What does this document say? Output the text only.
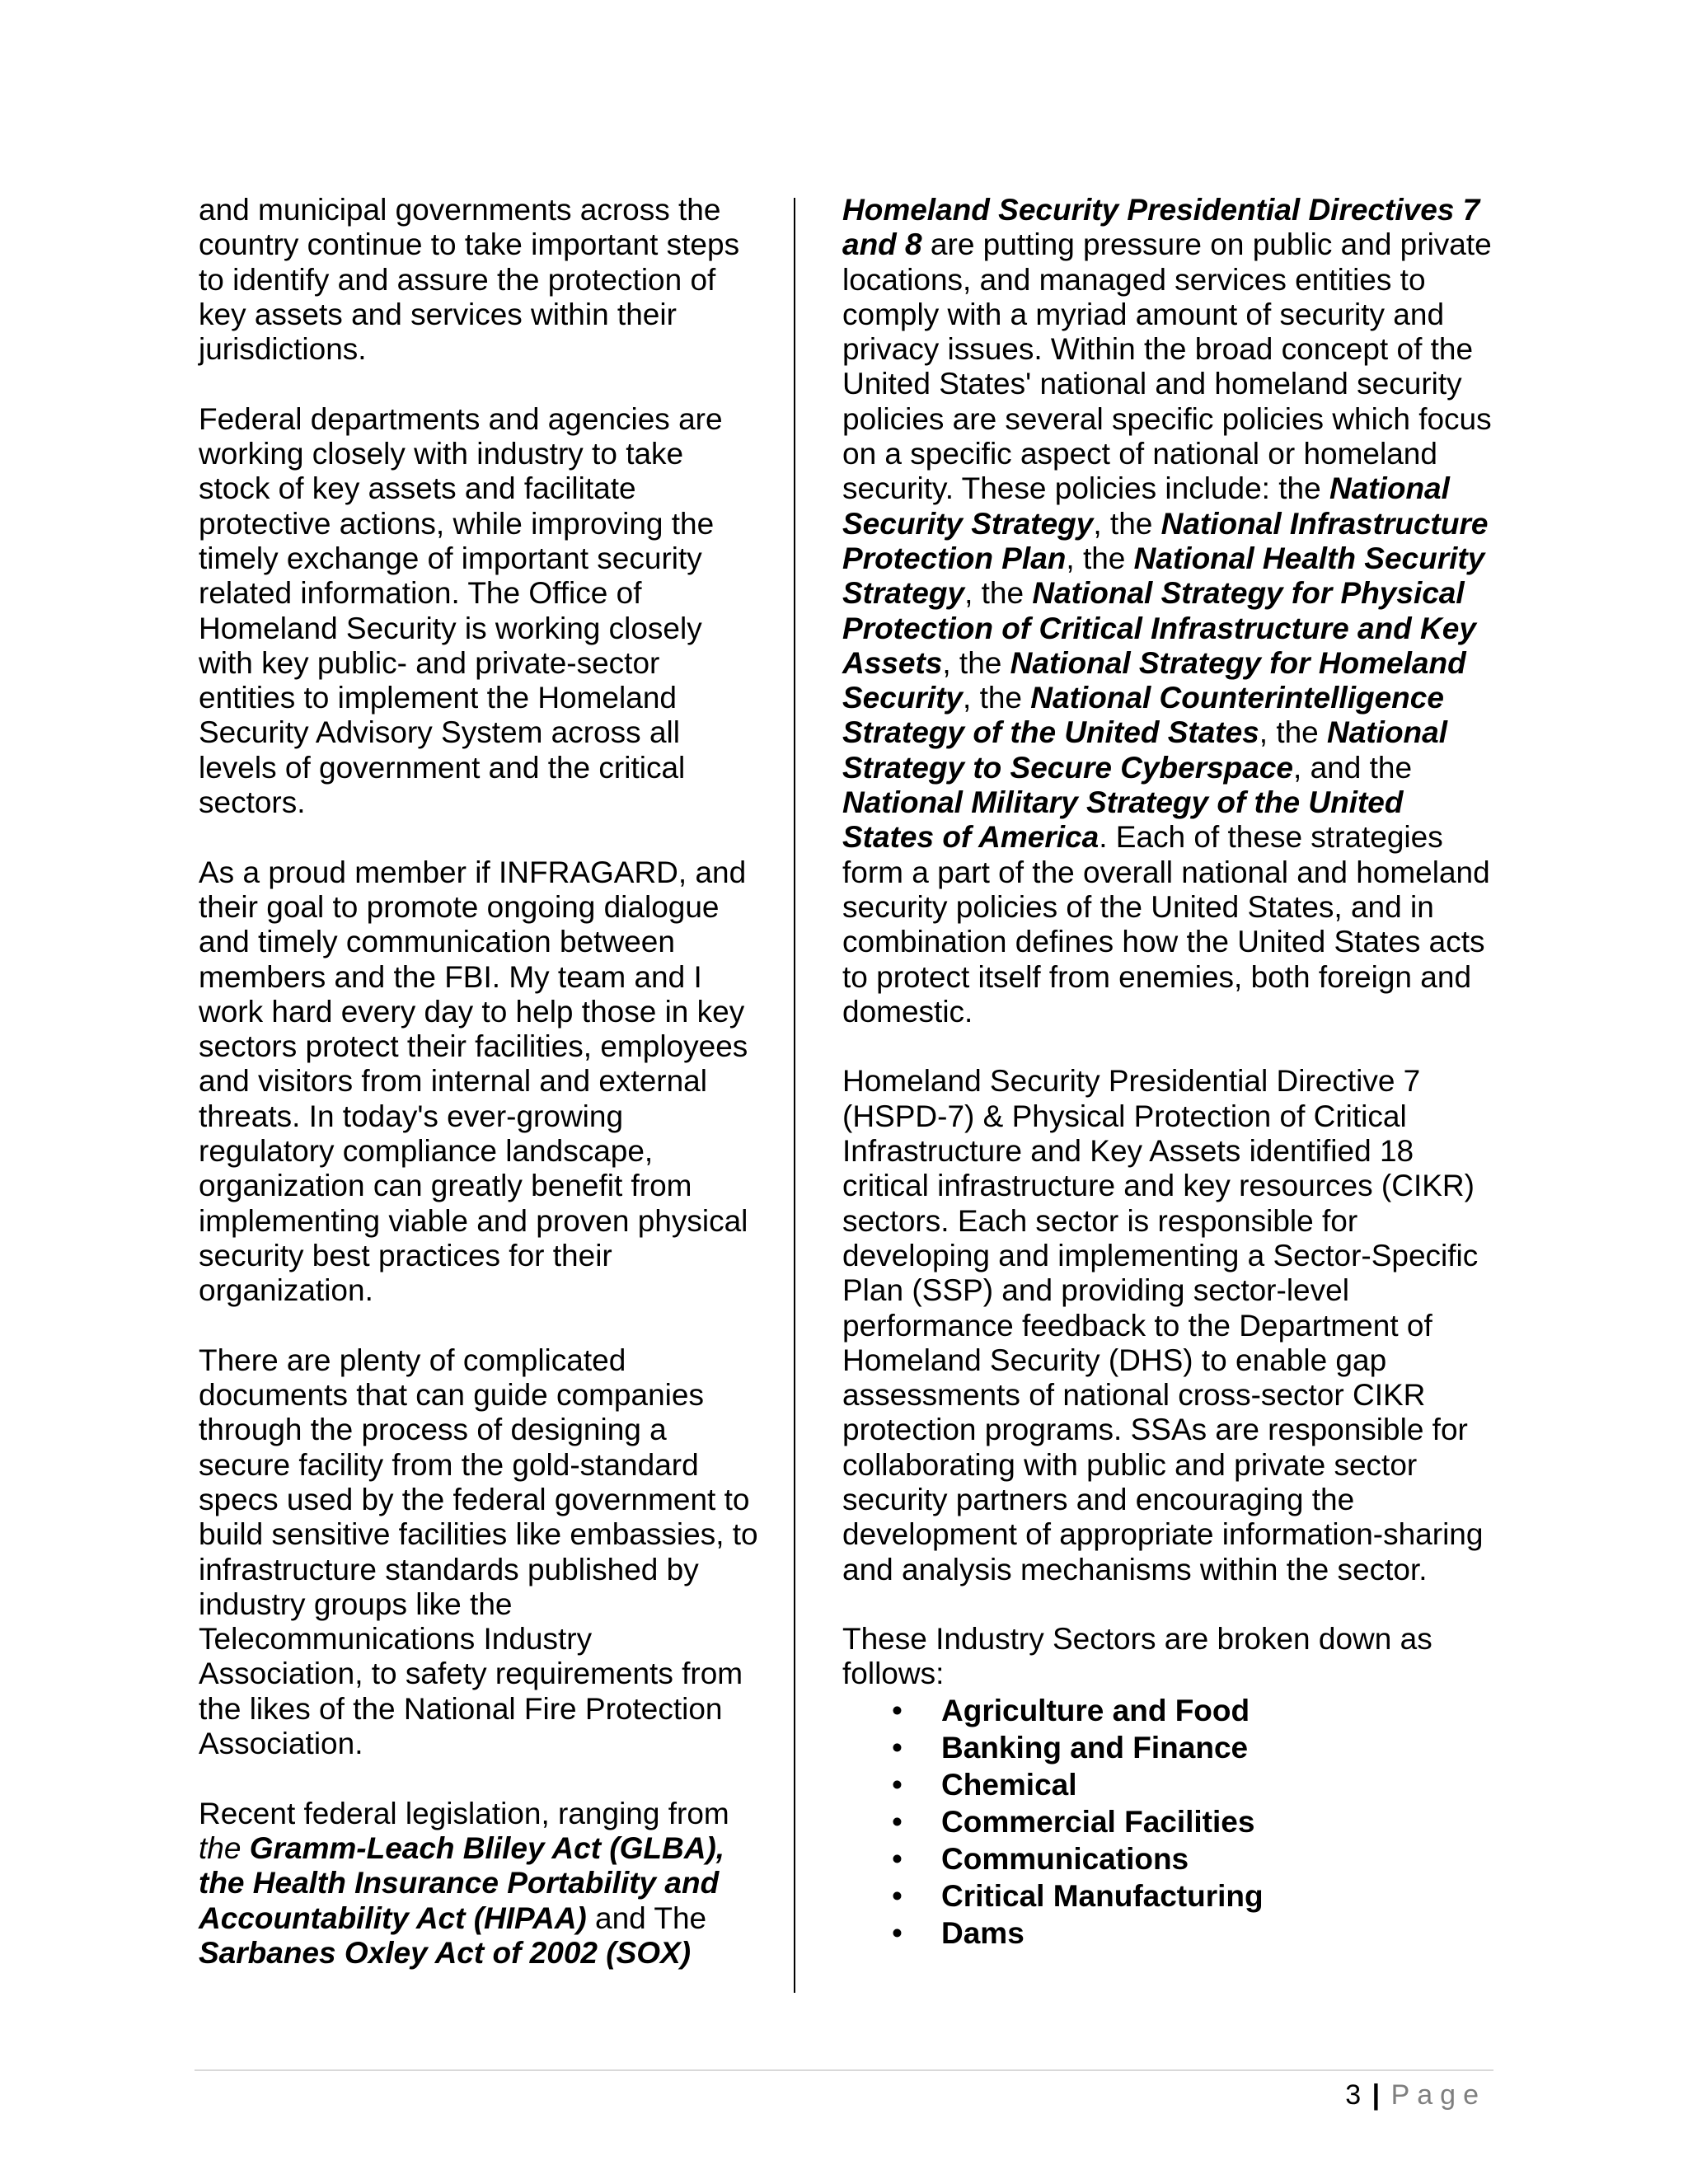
and municipal governments across the country continue to take important steps to identify and assure the protection of key assets and services within their jurisdictions.

Federal departments and agencies are working closely with industry to take stock of key assets and facilitate protective actions, while improving the timely exchange of important security related information. The Office of Homeland Security is working closely with key public- and private-sector entities to implement the Homeland Security Advisory System across all levels of government and the critical sectors.

As a proud member if INFRAGARD, and their goal to promote ongoing dialogue and timely communication between members and the FBI. My team and I work hard every day to help those in key sectors protect their facilities, employees and visitors from internal and external threats. In today's ever-growing regulatory compliance landscape, organization can greatly benefit from implementing viable and proven physical security best practices for their organization.

There are plenty of complicated documents that can guide companies through the process of designing a secure facility from the gold-standard specs used by the federal government to build sensitive facilities like embassies, to infrastructure standards published by industry groups like the Telecommunications Industry Association, to safety requirements from the likes of the National Fire Protection Association.

Recent federal legislation, ranging from the Gramm-Leach Bliley Act (GLBA), the Health Insurance Portability and Accountability Act (HIPAA) and The Sarbanes Oxley Act of 2002 (SOX)

Homeland Security Presidential Directives 7 and 8 are putting pressure on public and private locations, and managed services entities to comply with a myriad amount of security and privacy issues. Within the broad concept of the United States' national and homeland security policies are several specific policies which focus on a specific aspect of national or homeland security. These policies include: the National Security Strategy, the National Infrastructure Protection Plan, the National Health Security Strategy, the National Strategy for Physical Protection of Critical Infrastructure and Key Assets, the National Strategy for Homeland Security, the National Counterintelligence Strategy of the United States, the National Strategy to Secure Cyberspace, and the National Military Strategy of the United States of America. Each of these strategies form a part of the overall national and homeland security policies of the United States, and in combination defines how the United States acts to protect itself from enemies, both foreign and domestic.

Homeland Security Presidential Directive 7 (HSPD-7) & Physical Protection of Critical Infrastructure and Key Assets identified 18 critical infrastructure and key resources (CIKR) sectors. Each sector is responsible for developing and implementing a Sector-Specific Plan (SSP) and providing sector-level performance feedback to the Department of Homeland Security (DHS) to enable gap assessments of national cross-sector CIKR protection programs. SSAs are responsible for collaborating with public and private sector security partners and encouraging the development of appropriate information-sharing and analysis mechanisms within the sector.

These Industry Sectors are broken down as follows:

• Agriculture and Food
• Banking and Finance
• Chemical
• Commercial Facilities
• Communications
• Critical Manufacturing
• Dams
3 | Page
